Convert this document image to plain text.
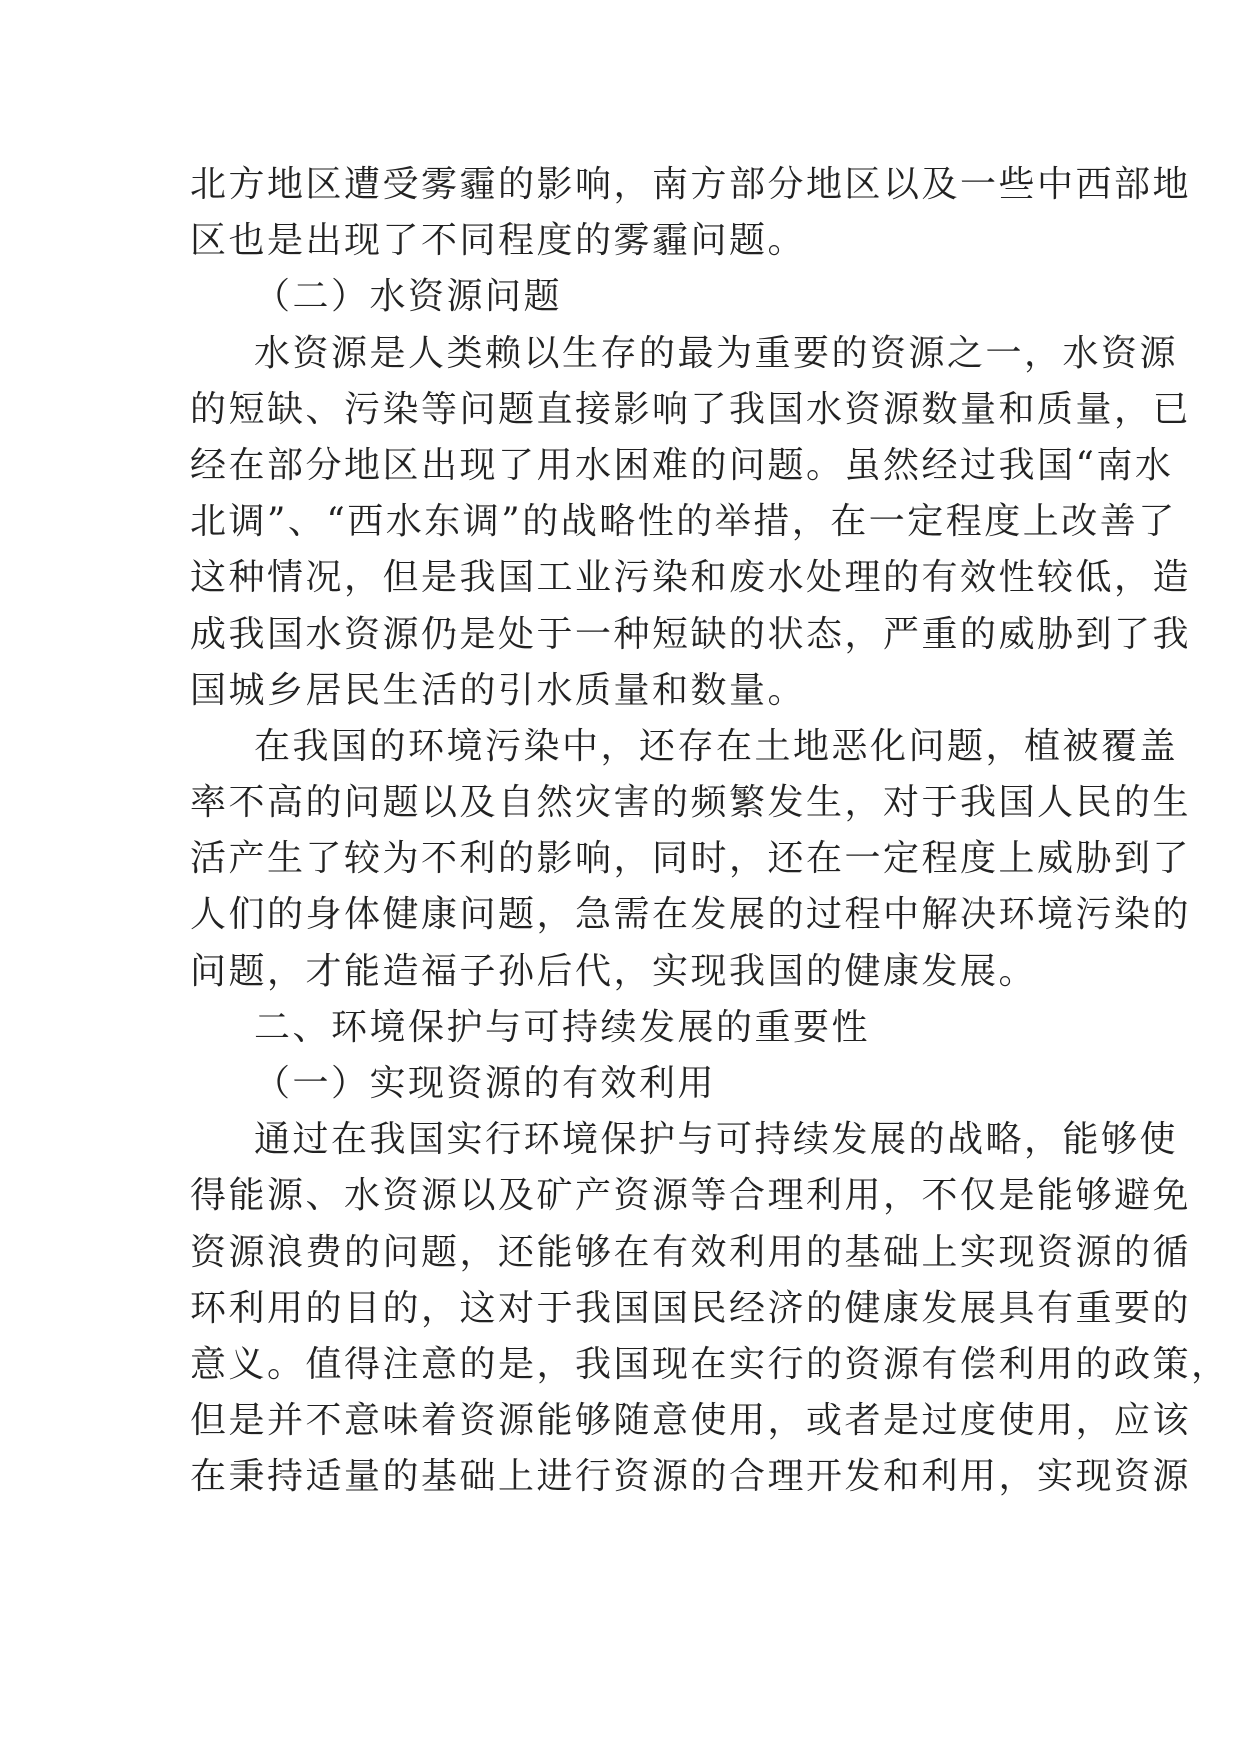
北方地区遭受雾霾的影响，南方部分地区以及一些中西部地
区也是出现了不同程度的雾霾问题。
（二）水资源问题
水资源是人类赖以生存的最为重要的资源之一，水资源
的短缺、污染等问题直接影响了我国水资源数量和质量，已
经在部分地区出现了用水困难的问题。虽然经过我国“南水
北调”、“西水东调”的战略性的举措，在一定程度上改善了
这种情况，但是我国工业污染和废水处理的有效性较低，造
成我国水资源仍是处于一种短缺的状态，严重的威胁到了我
国城乡居民生活的引水质量和数量。
在我国的环境污染中，还存在土地恶化问题，植被覆盖
率不高的问题以及自然灾害的频繁发生，对于我国人民的生
活产生了较为不利的影响，同时，还在一定程度上威胁到了
人们的身体健康问题，急需在发展的过程中解决环境污染的
问题，才能造福子孙后代，实现我国的健康发展。
二、环境保护与可持续发展的重要性
（一）实现资源的有效利用
通过在我国实行环境保护与可持续发展的战略，能够使
得能源、水资源以及矿产资源等合理利用，不仅是能够避免
资源浪费的问题，还能够在有效利用的基础上实现资源的循
环利用的目的，这对于我国国民经济的健康发展具有重要的
意义。值得注意的是，我国现在实行的资源有偿利用的政策，
但是并不意味着资源能够随意使用，或者是过度使用，应该
在秉持适量的基础上进行资源的合理开发和利用，实现资源
